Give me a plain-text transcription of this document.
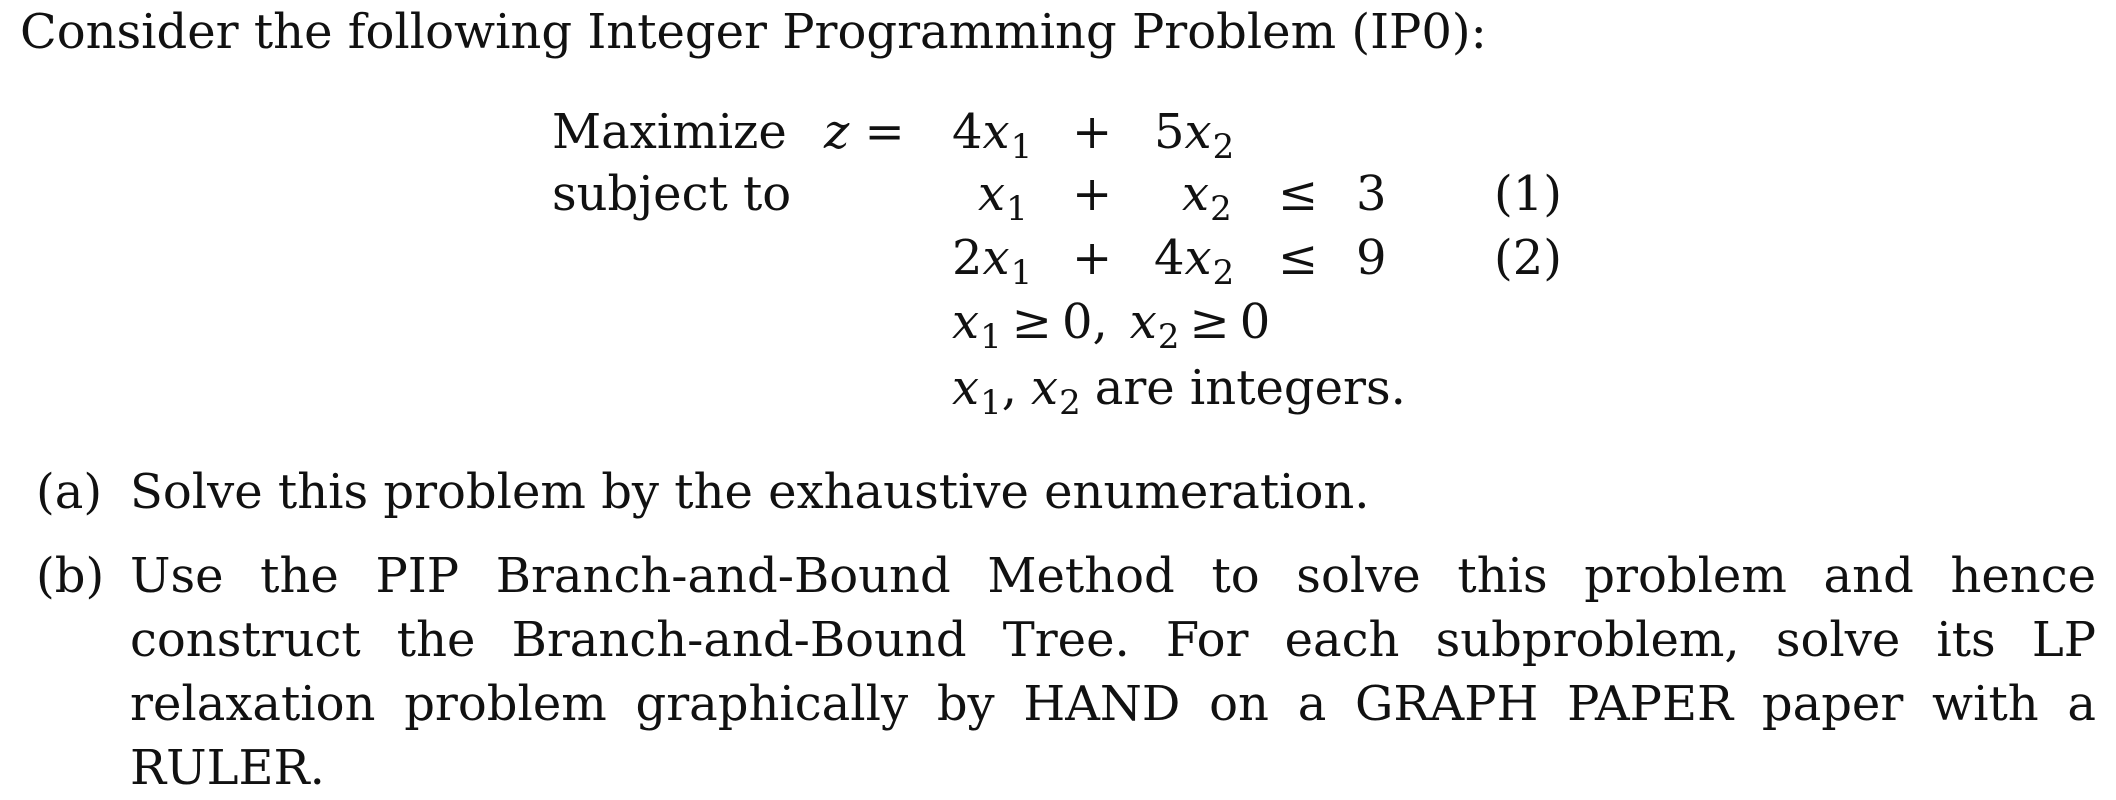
Consider the following Integer Programming Problem (IP0):
Maximize $z = 4x_1 + 5x_2$
subject to	$x_1 + x_2 \le 3$ (1)
$2x_1 + 4x_2 \le 9$ (2)
$x_1 \ge 0$, $x_2 \ge 0$
$x_1$, $x_2$ are integers.
(a) Solve this problem by the exhaustive enumeration.
(b) Use the PIP Branch-and-Bound Method to solve this problem and hence construct the Branch-and-Bound Tree. For each subproblem, solve its LP relaxation problem graphically by HAND on a GRAPH PAPER paper with a RULER.
